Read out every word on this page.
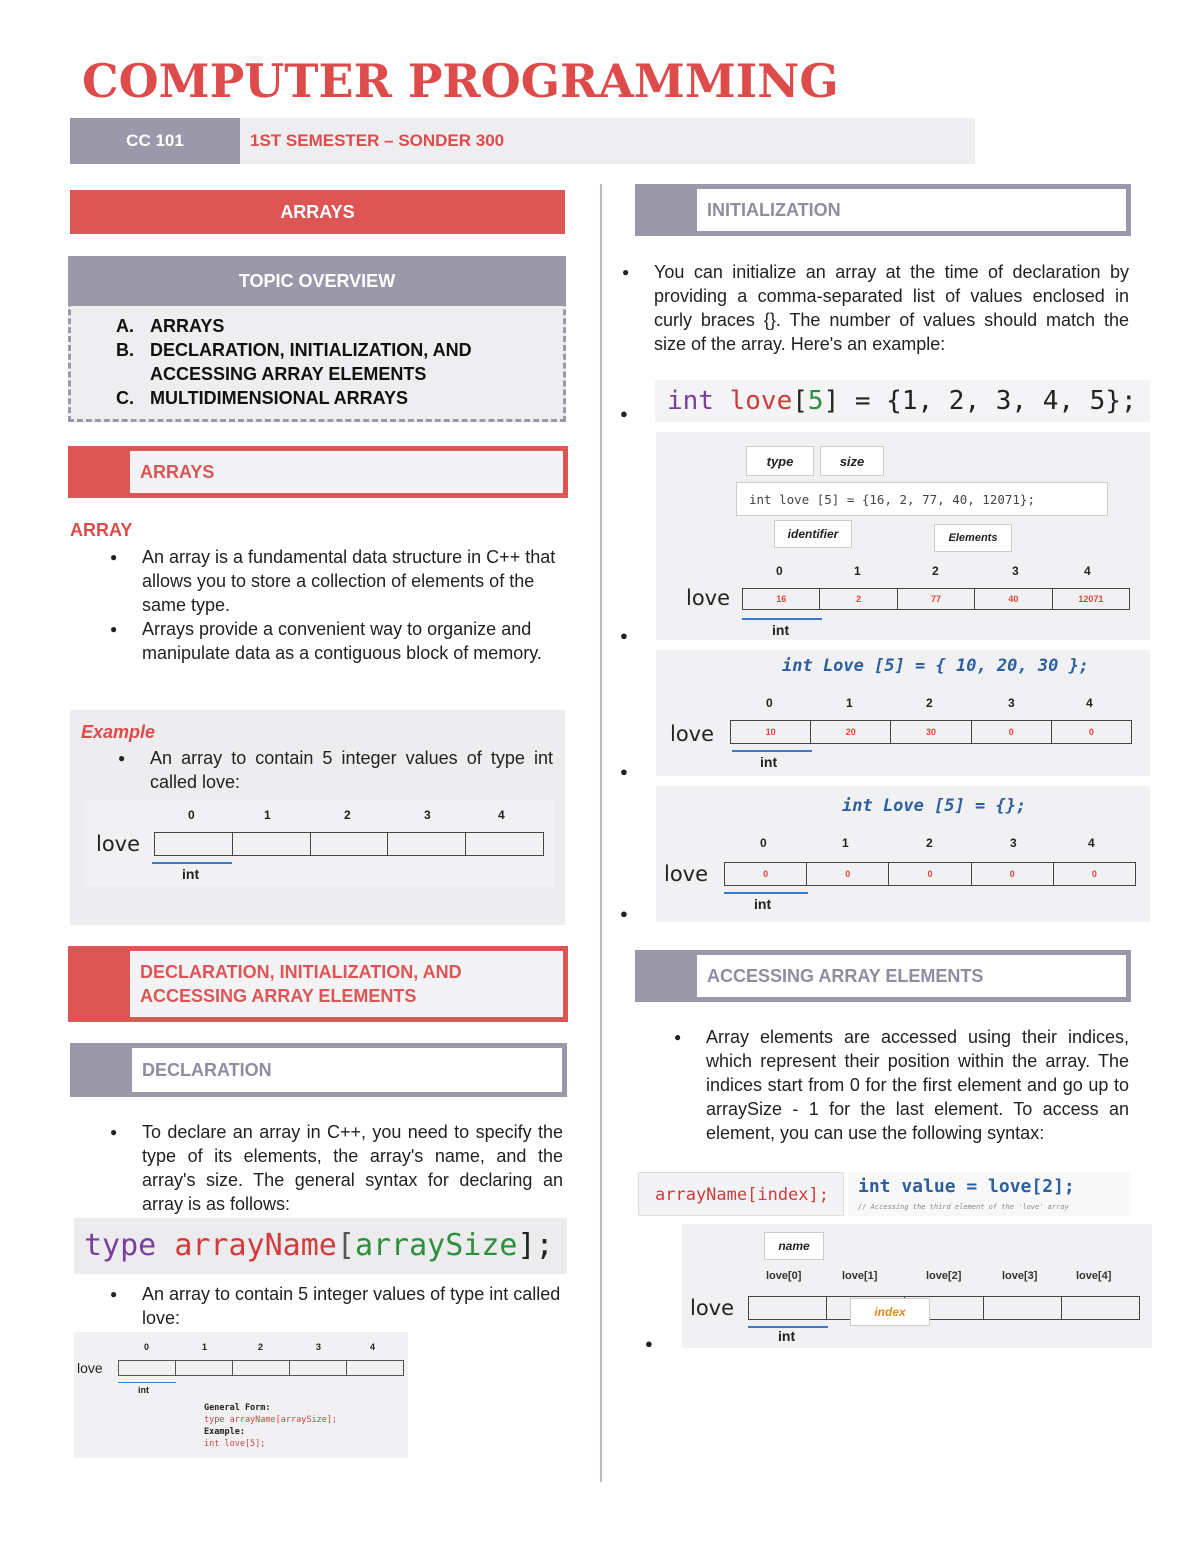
COMPUTER PROGRAMMING
CC 101	1ST SEMESTER – SONDER 300
ARRAYS
TOPIC OVERVIEW
A. ARRAYS
B. DECLARATION, INITIALIZATION, AND ACCESSING ARRAY ELEMENTS
C. MULTIDIMENSIONAL ARRAYS
ARRAYS
ARRAY
● An array is a fundamental data structure in C++ that allows you to store a collection of elements of the same type.
● Arrays provide a convenient way to organize and manipulate data as a contiguous block of memory.
Example
● An array to contain 5 integer values of type int called love:
love
0	1	2	3	4
int
DECLARATION, INITIALIZATION, AND ACCESSING ARRAY ELEMENTS
DECLARATION
● To declare an array in C++, you need to specify the type of its elements, the array's name, and the array's size. The general syntax for declaring an array is as follows:
type arrayName[arraySize];
● An array to contain 5 integer values of type int called love:
love
0	1	2	3	4
int
General Form:
type arrayName[arraySize];
Example:
int love[5];
INITIALIZATION
● You can initialize an array at the time of declaration by providing a comma-separated list of values enclosed in curly braces {}. The number of values should match the size of the array. Here's an example:
●	int love[5] = {1, 2, 3, 4, 5};
●
type	size
int love [5] = {16, 2, 77, 40, 12071};
identifier	Elements
love
0	1	2	3	4
16	2	77	40	12071
int
●
int Love [5] = { 10, 20, 30 };
love
0	1	2	3	4
10	20	30	0	0
int
●
int Love [5] = {};
love
0	1	2	3	4
0	0	0	0	0
int
ACCESSING ARRAY ELEMENTS
● Array elements are accessed using their indices, which represent their position within the array. The indices start from 0 for the first element and go up to arraySize - 1 for the last element. To access an element, you can use the following syntax:
arrayName[index];	int value = love[2];
// Accessing the third element of the 'love' array
●
name
love[0]	love[1]	love[2]	love[3]	love[4]
love	index
int
